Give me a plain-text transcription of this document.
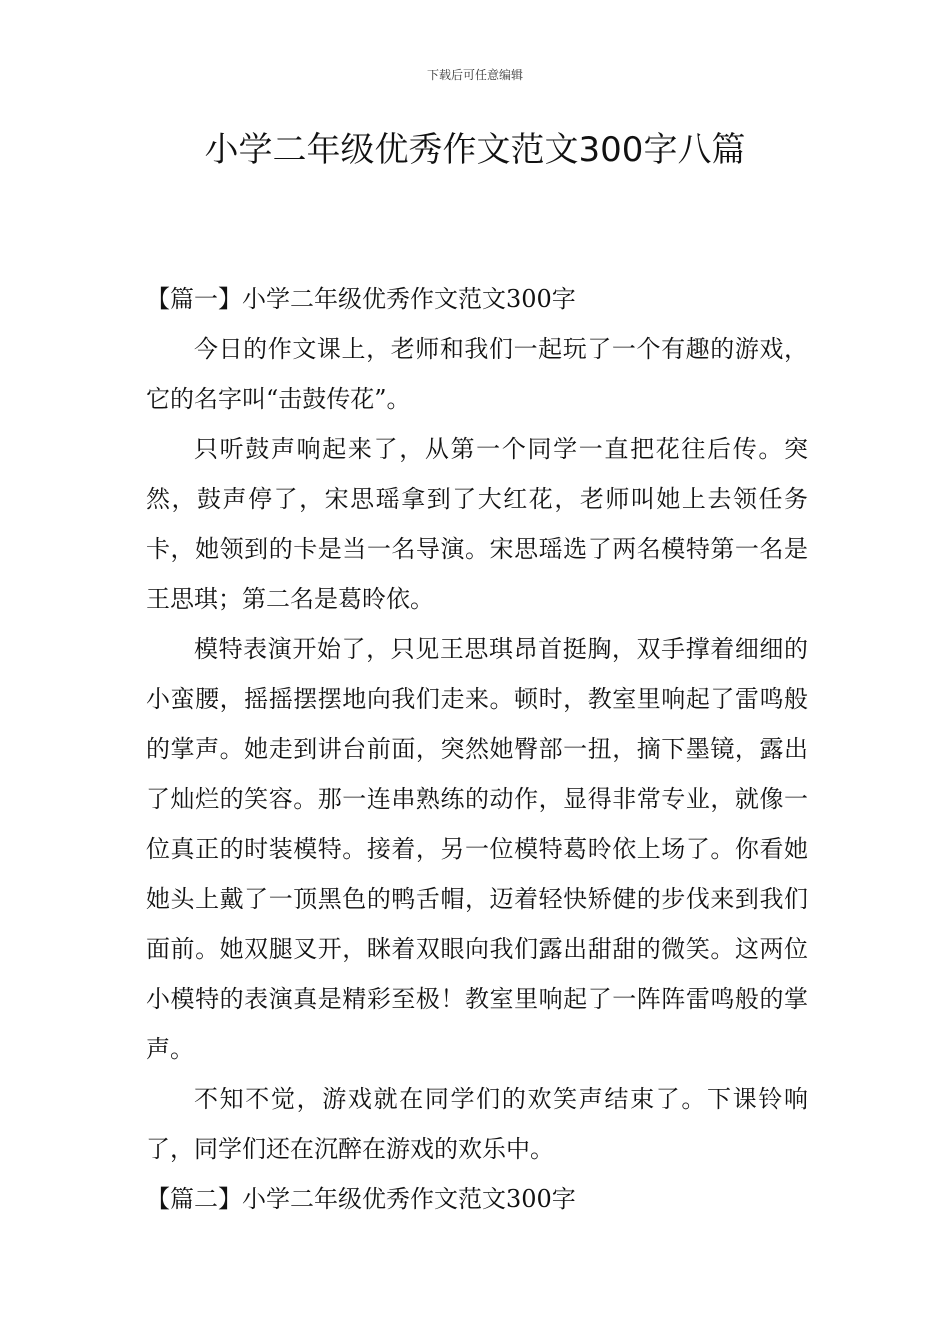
下载后可任意编辑
小学二年级优秀作文范文300字八篇
【篇一】小学二年级优秀作文范文300字

今日的作文课上，老师和我们一起玩了一个有趣的游戏，它的名字叫“击鼓传花”。

只听鼓声响起来了，从第一个同学一直把花往后传。突然，鼓声停了，宋思瑶拿到了大红花，老师叫她上去领任务卡，她领到的卡是当一名导演。宋思瑶选了两名模特第一名是王思琪；第二名是葛昤依。

模特表演开始了，只见王思琪昂首挺胸，双手撑着细细的小蛮腰，摇摇摆摆地向我们走来。顿时，教室里响起了雷鸣般的掌声。她走到讲台前面，突然她臀部一扭，摘下墨镜，露出了灿烂的笑容。那一连串熟练的动作，显得非常专业，就像一位真正的时装模特。接着，另一位模特葛昤依上场了。你看她她头上戴了一顶黑色的鸭舌帽，迈着轻快矫健的步伐来到我们面前。她双腿叉开，眯着双眼向我们露出甜甜的微笑。这两位小模特的表演真是精彩至极！教室里响起了一阵阵雷鸣般的掌声。

不知不觉，游戏就在同学们的欢笑声结束了。下课铃响了，同学们还在沉醉在游戏的欢乐中。

【篇二】小学二年级优秀作文范文300字
